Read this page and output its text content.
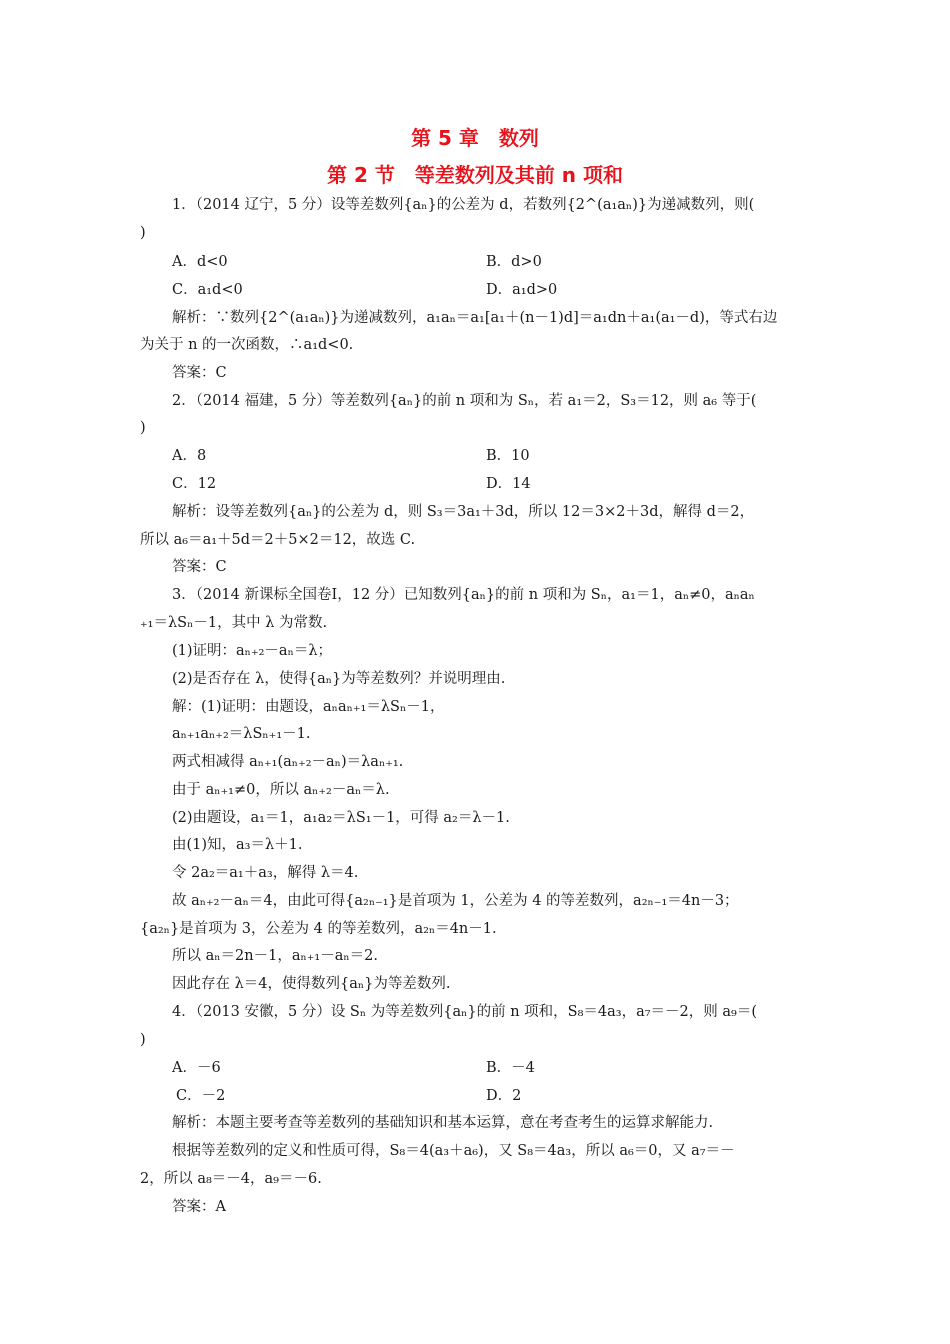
第 5 章　数列
第 2 节　等差数列及其前 n 项和
1．（2014 辽宁，5 分）设等差数列{aₙ}的公差为 d，若数列{2^(a₁aₙ)}为递减数列，则(
)
A．d<0	B．d>0
C．a₁d<0	D．a₁d>0
解析：∵数列{2^(a₁aₙ)}为递减数列，a₁aₙ＝a₁[a₁＋(n－1)d]＝a₁dn＋a₁(a₁－d)，等式右边
为关于 n 的一次函数，∴a₁d<0.
答案：C
2．（2014 福建，5 分）等差数列{aₙ}的前 n 项和为 Sₙ，若 a₁＝2，S₃＝12，则 a₆ 等于(
)
A．8	B．10
C．12	D．14
解析：设等差数列{aₙ}的公差为 d，则 S₃＝3a₁＋3d，所以 12＝3×2＋3d，解得 d＝2，
所以 a₆＝a₁＋5d＝2＋5×2＝12，故选 C.
答案：C
3．（2014 新课标全国卷Ⅰ，12 分）已知数列{aₙ}的前 n 项和为 Sₙ，a₁＝1，aₙ≠0，aₙaₙ
₊₁＝λSₙ－1，其中 λ 为常数.
(1)证明：aₙ₊₂－aₙ＝λ；
(2)是否存在 λ，使得{aₙ}为等差数列？并说明理由.
解：(1)证明：由题设，aₙaₙ₊₁＝λSₙ－1，
aₙ₊₁aₙ₊₂＝λSₙ₊₁－1.
两式相减得 aₙ₊₁(aₙ₊₂－aₙ)＝λaₙ₊₁.
由于 aₙ₊₁≠0，所以 aₙ₊₂－aₙ＝λ.
(2)由题设，a₁＝1，a₁a₂＝λS₁－1，可得 a₂＝λ－1.
由(1)知，a₃＝λ＋1.
令 2a₂＝a₁＋a₃，解得 λ＝4.
故 aₙ₊₂－aₙ＝4，由此可得{a₂ₙ₋₁}是首项为 1，公差为 4 的等差数列，a₂ₙ₋₁＝4n－3；
{a₂ₙ}是首项为 3，公差为 4 的等差数列，a₂ₙ＝4n－1.
所以 aₙ＝2n－1，aₙ₊₁－aₙ＝2.
因此存在 λ＝4，使得数列{aₙ}为等差数列.
4．（2013 安徽，5 分）设 Sₙ 为等差数列{aₙ}的前 n 项和，S₈＝4a₃，a₇＝－2，则 a₉＝(
)
A．－6	B．－4
C．－2	D．2
解析：本题主要考查等差数列的基础知识和基本运算，意在考查考生的运算求解能力.
根据等差数列的定义和性质可得，S₈＝4(a₃＋a₆)，又 S₈＝4a₃，所以 a₆＝0，又 a₇＝－
2，所以 a₈＝－4，a₉＝－6.
答案：A
